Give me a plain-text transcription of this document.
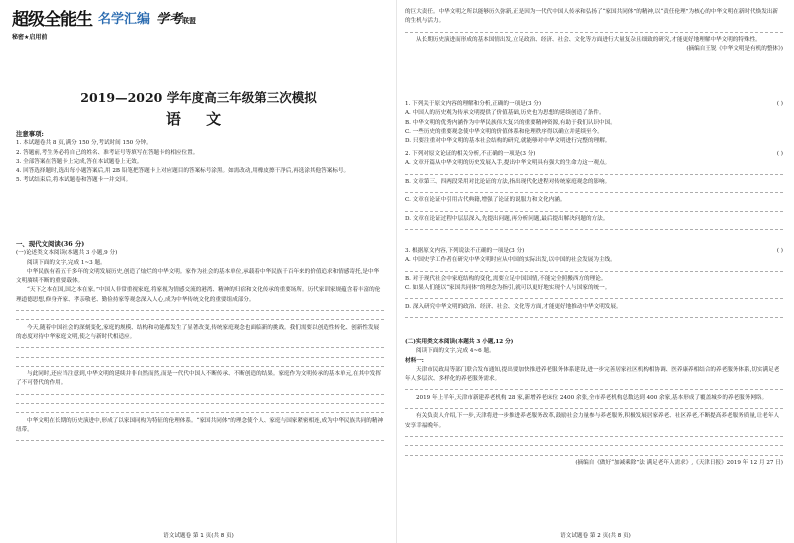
超级全能生 名学汇编 学考联盟
秘密★启用前
2019—2020 学年度高三年级第三次模拟
语 文
注意事项:

1. 本试题卷共 8 页,满分 150 分,考试时间 150 分钟。

2. 答题前,考生务必将自己的姓名、准考证号等填写在答题卡的相应位置。

3. 全部答案在答题卡上完成,答在本试题卷上无效。

4. 回答选择题时,选出每小题答案后,用 2B 铅笔把答题卡上对应题目的答案标号涂黑。如需改动,用橡皮擦干净后,再选涂其他答案标号。

5. 考试结束后,将本试题卷和答题卡一并交回。

一、现代文阅读(36 分)

(一)论述类文本阅读(本题共 3 小题,9 分)

阅读下面的文字,完成 1~3 题。

中华民族有着五千多年的文明发展历史,创造了灿烂的中华文明。家作为社会的基本单位,承载着中华民族千百年来的价值追求和情感寄托,是中华文明赓续不断的重要载体。

“天下之本在国,国之本在家。”中国人非常重视家庭,将家视为情感交流的港湾、精神的归宿和文化传承的重要场所。历代家训家规蕴含着丰富的伦理道德思想,修身齐家、孝亲敬老、勤俭持家等观念深入人心,成为中华传统文化的重要组成部分。

今天,随着中国社会的深刻变化,家庭的规模、结构和功能都发生了显著改变,传统家庭观念也面临新的挑战。我们需要以创造性转化、创新性发展的态度对待中华家庭文明,使之与新时代相适应。

与此同时,还应当注意到,中华文明的延续并非自然而然,而是一代代中国人不断传承、不断创造的结果。家庭作为文明传承的基本单元,在其中发挥了不可替代的作用。

中华文明在长期的历史演进中,形成了以家国同构为特征的伦理体系。“家国共同体”的理念使个人、家庭与国家紧密相连,成为中华民族共同的精神纽带。

语文试题卷 第 1 页(共 8 页)

的巨大责任。中华文明之所以能够历久弥新,正是因为一代代中国人传承和弘扬了“家国共同体”的精神,以“责任伦理”为核心的中华文明在新时代焕发出新的生机与活力。

从长期历史演进而形成的基本国情出发,立足政治、经济、社会、文化等方面进行大量复杂且细致的研究,才能更好地理解中华文明的特殊性。

(摘编自王锐《中华文明是有机的整体》)

1. 下列关于原文内容的理解和分析,正确的一项是(3 分)	( )

A. 中国人的历史观为传承文明提供了价值基础,历史也为思想的延续创造了条件。

B. 中华文明的优秀内涵作为中华民族伟大复兴的重要精神资源,有助于我们认识中国。

C. 一些历史的重要观念使中华文明的价值体系和伦理秩序得以确立并延续至今。

D. 只要注重对中华文明的基本社会结构的研究,就能够对中华文明进行完整的理解。

2. 下列对原文论证的相关分析,不正确的一项是(3 分)	( )

A. 文章开篇从中华文明的历史发展入手,提出中华文明具有强大的生命力这一观点。

B. 文章第三、四两段采用对比论证的方法,指出现代化进程对传统家庭观念的影响。

C. 文章在论证中引用古代典籍,增强了论证的说服力和文化内涵。

D. 文章在论证过程中层层深入,先提出问题,再分析问题,最后提出解决问题的方法。

3. 根据原文内容,下列说法不正确的一项是(3 分)	( )

A. 中国史学工作者在研究中华文明时应从中国的实际出发,以中国的社会发展为主线。

B. 对于现代社会中家庭结构的变化,需要立足中国国情,不能完全照搬西方的理论。

C. 如果人们能以“家国共同体”的理念为指引,就可以更好地实现个人与国家的统一。

D. 深入研究中华文明的政治、经济、社会、文化等方面,才能更好地推动中华文明发展。

(二)实用类文本阅读(本题共 3 小题,12 分)

阅读下面的文字,完成 4~6 题。

材料一:

天津市民政局等部门联合发布通知,提出要加快推进养老服务体系建设,进一步完善居家社区机构相协调、医养康养相结合的养老服务体系,切实满足老年人多层次、多样化的养老服务需求。

2019 年上半年,天津市新建养老机构 28 家,新增养老床位 2400 余张,全市养老机构总数达到 400 余家,基本形成了覆盖城乡的养老服务网络。

有关负责人介绍,下一步,天津将进一步推进养老服务改革,鼓励社会力量参与养老服务,积极发展居家养老、社区养老,不断提高养老服务质量,让老年人安享幸福晚年。

(摘编自《做好“加减乘除”法 满足老年人需求》,《天津日报》2019 年 12 月 27 日)

语文试题卷 第 2 页(共 8 页)
